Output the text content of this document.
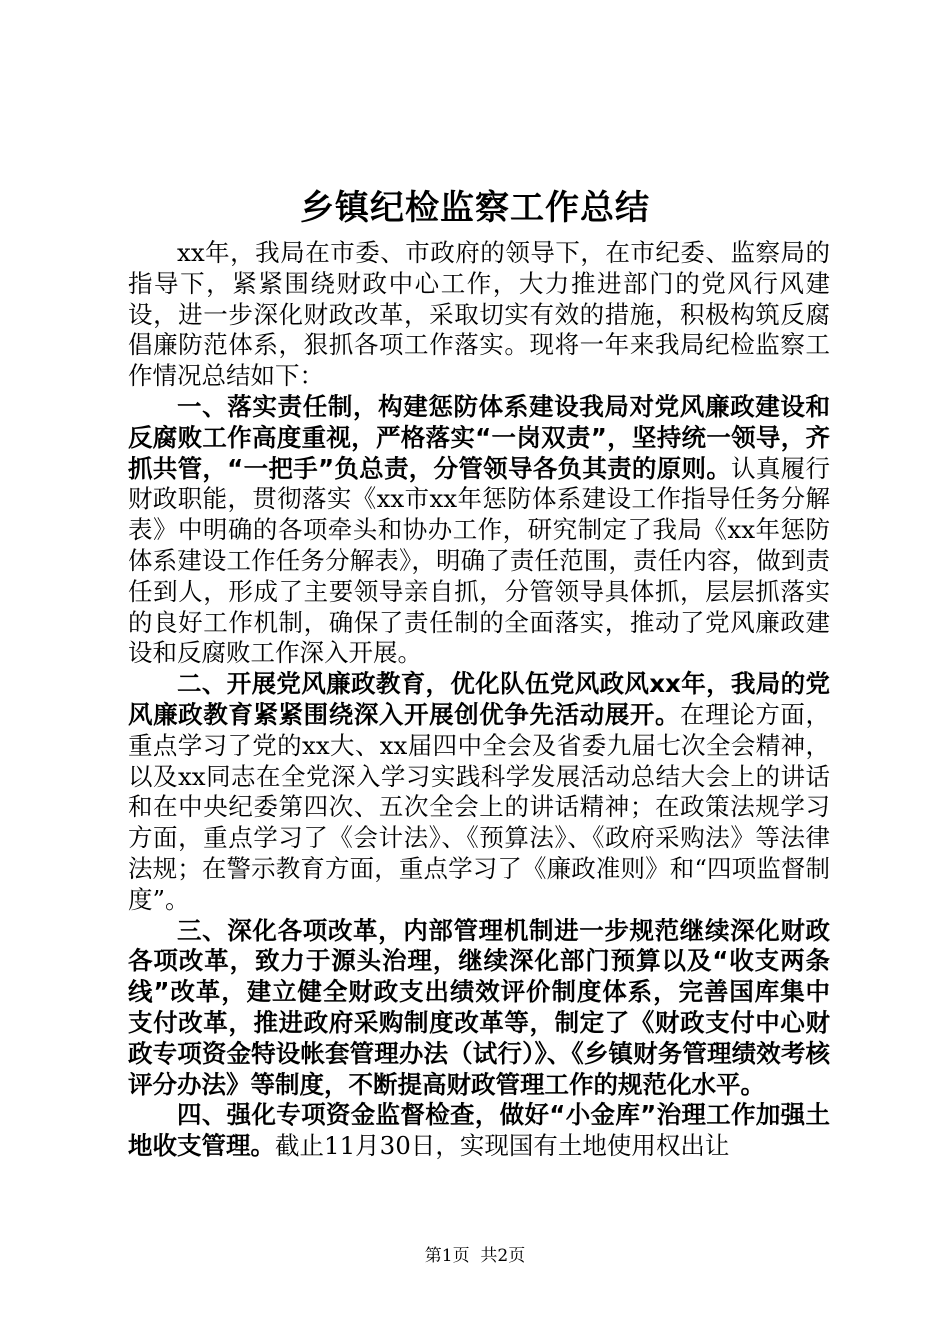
乡镇纪检监察工作总结

xx年，我局在市委、市政府的领导下，在市纪委、监察局的指导下，紧紧围绕财政中心工作，大力推进部门的党风行风建设，进一步深化财政改革，采取切实有效的措施，积极构筑反腐倡廉防范体系，狠抓各项工作落实。现将一年来我局纪检监察工作情况总结如下：

一、落实责任制，构建惩防体系建设我局对党风廉政建设和反腐败工作高度重视，严格落实“一岗双责”，坚持统一领导，齐抓共管，“一把手”负总责，分管领导各负其责的原则。认真履行财政职能，贯彻落实《xx市xx年惩防体系建设工作指导任务分解表》中明确的各项牵头和协办工作，研究制定了我局《xx年惩防体系建设工作任务分解表》，明确了责任范围，责任内容，做到责任到人，形成了主要领导亲自抓，分管领导具体抓，层层抓落实的良好工作机制，确保了责任制的全面落实，推动了党风廉政建设和反腐败工作深入开展。

二、开展党风廉政教育，优化队伍党风政风xx年，我局的党风廉政教育紧紧围绕深入开展创优争先活动展开。在理论方面，重点学习了党的xx大、xx届四中全会及省委九届七次全会精神，以及xx同志在全党深入学习实践科学发展活动总结大会上的讲话和在中央纪委第四次、五次全会上的讲话精神；在政策法规学习方面，重点学习了《会计法》、《预算法》、《政府采购法》等法律法规；在警示教育方面，重点学习了《廉政准则》和“四项监督制度”。

三、深化各项改革，内部管理机制进一步规范继续深化财政各项改革，致力于源头治理，继续深化部门预算以及“收支两条线”改革，建立健全财政支出绩效评价制度体系，完善国库集中支付改革，推进政府采购制度改革等，制定了《财政支付中心财政专项资金特设帐套管理办法（试行）》、《乡镇财务管理绩效考核评分办法》等制度，不断提高财政管理工作的规范化水平。

四、强化专项资金监督检查，做好“小金库”治理工作加强土地收支管理。截止11月30日，实现国有土地使用权出让

第1页 共2页
